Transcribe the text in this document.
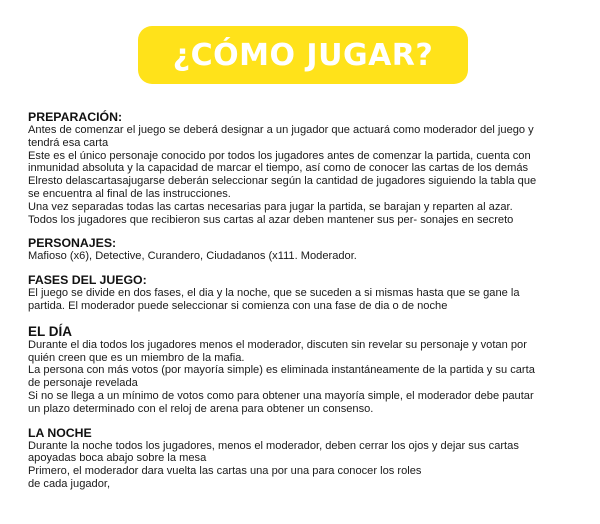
¿CÓMO JUGAR?
PREPARACIÓN:
Antes de comenzar el juego se deberá designar a un jugador que actuará como moderador del juego y
tendrá esa carta
Este es el único personaje conocido por todos los jugadores antes de comenzar la partida, cuenta con
inmunidad absoluta y la capacidad de marcar el tiempo, así como de conocer las cartas de los demás
Elresto delascartasajugarse deberán seleccionar según la cantidad de jugadores siguiendo la tabla que
se encuentra al final de las instrucciones.
Una vez separadas todas las cartas necesarias para jugar la partida, se barajan y reparten al azar.
Todos los jugadores que recibieron sus cartas al azar deben mantener sus per- sonajes en secreto
PERSONAJES:
Mafioso (x6), Detective, Curandero, Ciudadanos (x111. Moderador.
FASES DEL JUEGO:
El juego se divide en dos fases, el dia y la noche, que se suceden a si mismas hasta que se gane la
partida. El moderador puede seleccionar si comienza con una fase de dia o de noche
EL DÍA
Durante el dia todos los jugadores menos el moderador, discuten sin revelar su personaje y votan por
quién creen que es un miembro de la mafia.
La persona con más votos (por mayoría simple) es eliminada instantáneamente de la partida y su carta
de personaje revelada
Si no se llega a un mínimo de votos como para obtener una mayoría simple, el moderador debe pautar
un plazo determinado con el reloj de arena para obtener un consenso.
LA NOCHE
Durante la noche todos los jugadores, menos el moderador, deben cerrar los ojos y dejar sus cartas
apoyadas boca abajo sobre la mesa
Primero, el moderador dara vuelta las cartas una por una para conocer los roles
de cada jugador,
